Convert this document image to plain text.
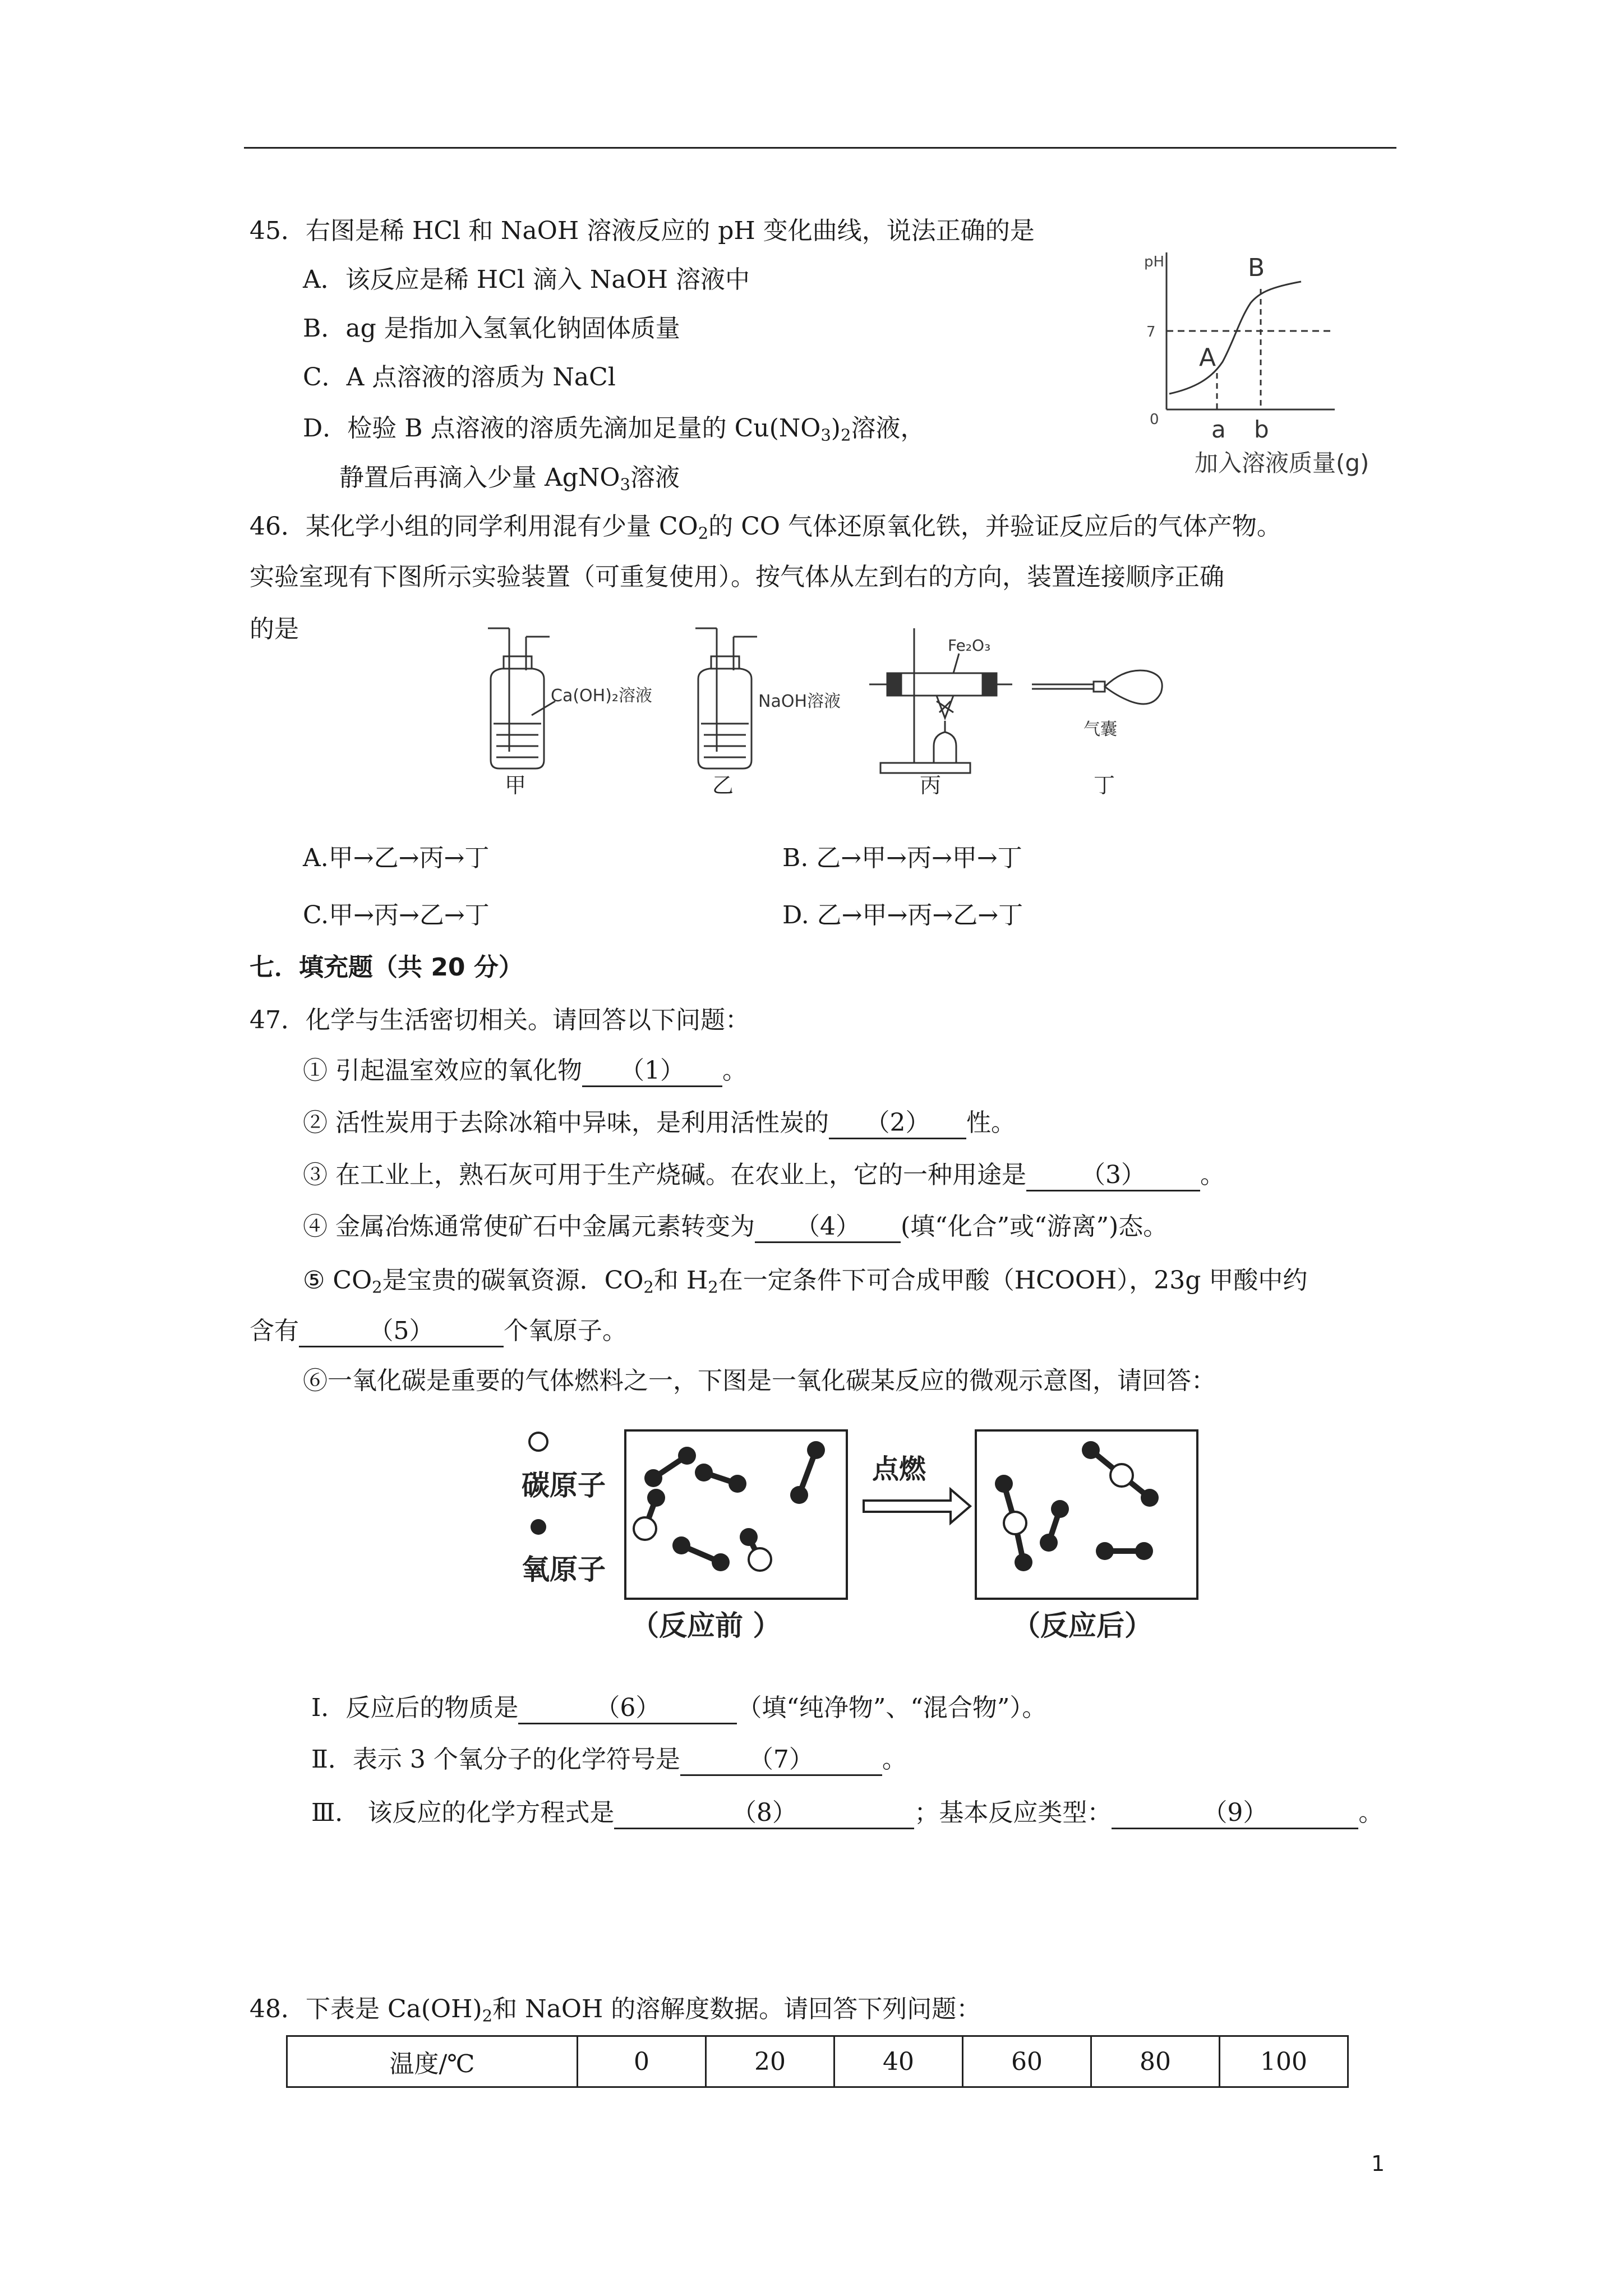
45．右图是稀 HCl 和 NaOH 溶液反应的 pH 变化曲线，说法正确的是
A．该反应是稀 HCl 滴入 NaOH 溶液中
B．ag 是指加入氢氧化钠固体质量
C．A 点溶液的溶质为 NaCl
D．检验 B 点溶液的溶质先滴加足量的 $Cu(NO_3)_2$溶液，
静置后再滴入少量 AgNO$_3$溶液
pH
7
0
A
B
a b
加入溶液质量(g)
46．某化学小组的同学利用混有少量 $CO_2$的 CO 气体还原氧化铁，并验证反应后的气体产物。
实验室现有下图所示实验装置（可重复使用）。按气体从左到右的方向，装置连接顺序正确
的是
Ca(OH)₂溶液
甲
NaOH溶液
乙
Fe₂O₃
丙
气囊
丁
A.甲→乙→丙→丁	B. 乙→甲→丙→甲→丁
C.甲→丙→乙→丁	D. 乙→甲→丙→乙→丁
七．填充题（共 20 分）
47．化学与生活密切相关。请回答以下问题：
① 引起温室效应的氧化物 （1） 。
② 活性炭用于去除冰箱中异味，是利用活性炭的 （2） 性。
③ 在工业上，熟石灰可用于生产烧碱。在农业上，它的一种用途是 （3） 。
④ 金属冶炼通常使矿石中金属元素转变为 （4） (填“化合”或“游离”)态。
⑤ $CO_2$是宝贵的碳氧资源．$CO_2$和 $H_2$在一定条件下可合成甲酸（HCOOH），23g 甲酸中约
含有	（5）	个氧原子。
⑥一氧化碳是重要的气体燃料之一，下图是一氧化碳某反应的微观示意图，请回答：
碳原子
氧原子
点燃
（反应前 ）	（反应后）
Ⅰ．反应后的物质是	（6）	（填“纯净物”、“混合物”）。
Ⅱ．表示 3 个氧分子的化学符号是	（7）	。
Ⅲ． 该反应的化学方程式是	（8）	；基本反应类型：	（9）	。
48．下表是 $Ca(OH)_2$和 NaOH 的溶解度数据。请回答下列问题：
温度/℃	0	20	40	60	80	100
1
